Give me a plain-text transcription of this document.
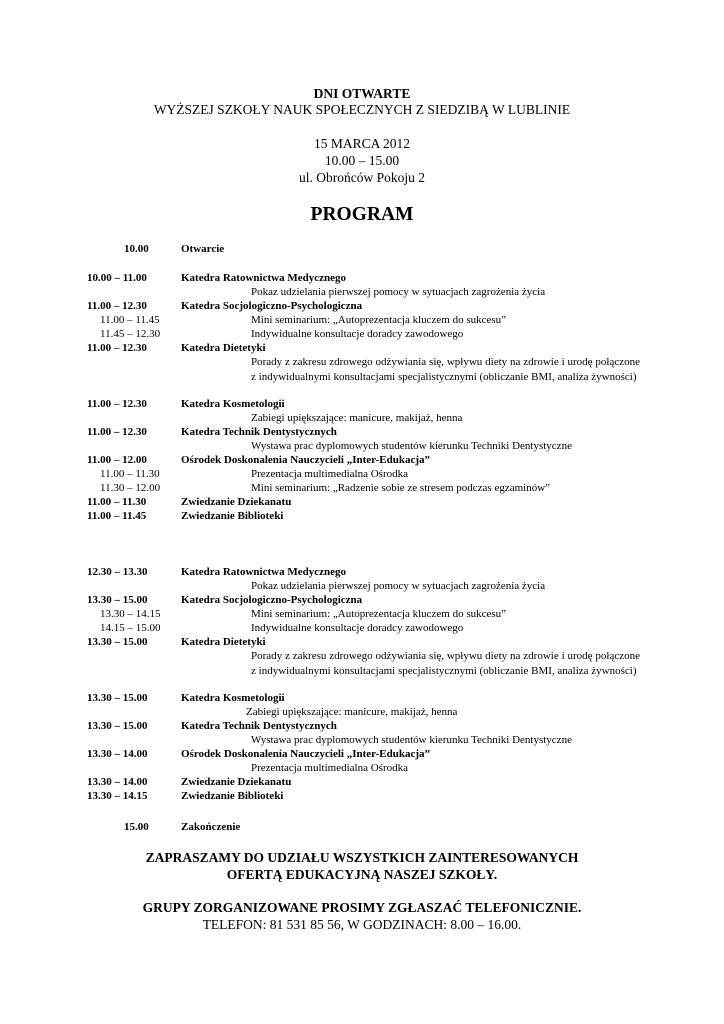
DNI OTWARTE
WYŻSZEJ SZKOŁY NAUK SPOŁECZNYCH Z SIEDZIBĄ W LUBLINIE
15 MARCA 2012
10.00 – 15.00
ul. Obrońców Pokoju 2
PROGRAM
10.00	Otwarcie
10.00 – 11.00	Katedra Ratownictwa Medycznego
Pokaz udzielania pierwszej pomocy w sytuacjach zagrożenia życia
11.00 – 12.30	Katedra Socjologiczno-Psychologiczna
11.00 – 11.45	Mini seminarium: „Autoprezentacja kluczem do sukcesu”
11.45 – 12.30	Indywidualne konsultacje doradcy zawodowego
11.00 – 12.30	Katedra Dietetyki
Porady z zakresu zdrowego odżywiania się, wpływu diety na zdrowie i urodę połączone z indywidualnymi konsultacjami specjalistycznymi (obliczanie BMI, analiza żywności)
11.00 – 12.30	Katedra Kosmetologii
Zabiegi upiększające: manicure, makijaż, henna
11.00 – 12.30	Katedra Technik Dentystycznych
Wystawa prac dyplomowych studentów kierunku Techniki Dentystyczne
11.00 – 12.00	Ośrodek Doskonalenia Nauczycieli „Inter-Edukacja”
11.00 – 11.30	Prezentacja multimedialna Ośrodka
11.30 – 12.00	Mini seminarium: „Radzenie sobie ze stresem podczas egzaminów”
11.00 – 11.30	Zwiedzanie Dziekanatu
11.00 – 11.45	Zwiedzanie Biblioteki
12.30 – 13.30	Katedra Ratownictwa Medycznego
Pokaz udzielania pierwszej pomocy w sytuacjach zagrożenia życia
13.30 – 15.00	Katedra Socjologiczno-Psychologiczna
13.30 – 14.15	Mini seminarium: „Autoprezentacja kluczem do sukcesu”
14.15 – 15.00	Indywidualne konsultacje doradcy zawodowego
13.30 – 15.00	Katedra Dietetyki
Porady z zakresu zdrowego odżywiania się, wpływu diety na zdrowie i urodę połączone z indywidualnymi konsultacjami specjalistycznymi (obliczanie BMI, analiza żywności)
13.30 – 15.00	Katedra Kosmetologii
Zabiegi upiększające: manicure, makijaż, henna
13.30 – 15.00	Katedra Technik Dentystycznych
Wystawa prac dyplomowych studentów kierunku Techniki Dentystyczne
13.30 – 14.00	Ośrodek Doskonalenia Nauczycieli „Inter-Edukacja”
Prezentacja multimedialna Ośrodka
13.30 – 14.00	Zwiedzanie Dziekanatu
13.30 – 14.15	Zwiedzanie Biblioteki
15.00	Zakończenie
ZAPRASZAMY DO UDZIAŁU WSZYSTKICH ZAINTERESOWANYCH
OFERTĄ EDUKACYJNĄ NASZEJ SZKOŁY.
GRUPY ZORGANIZOWANE PROSIMY ZGŁASZAĆ TELEFONICZNIE.
TELEFON: 81 531 85 56, W GODZINACH: 8.00 – 16.00.
